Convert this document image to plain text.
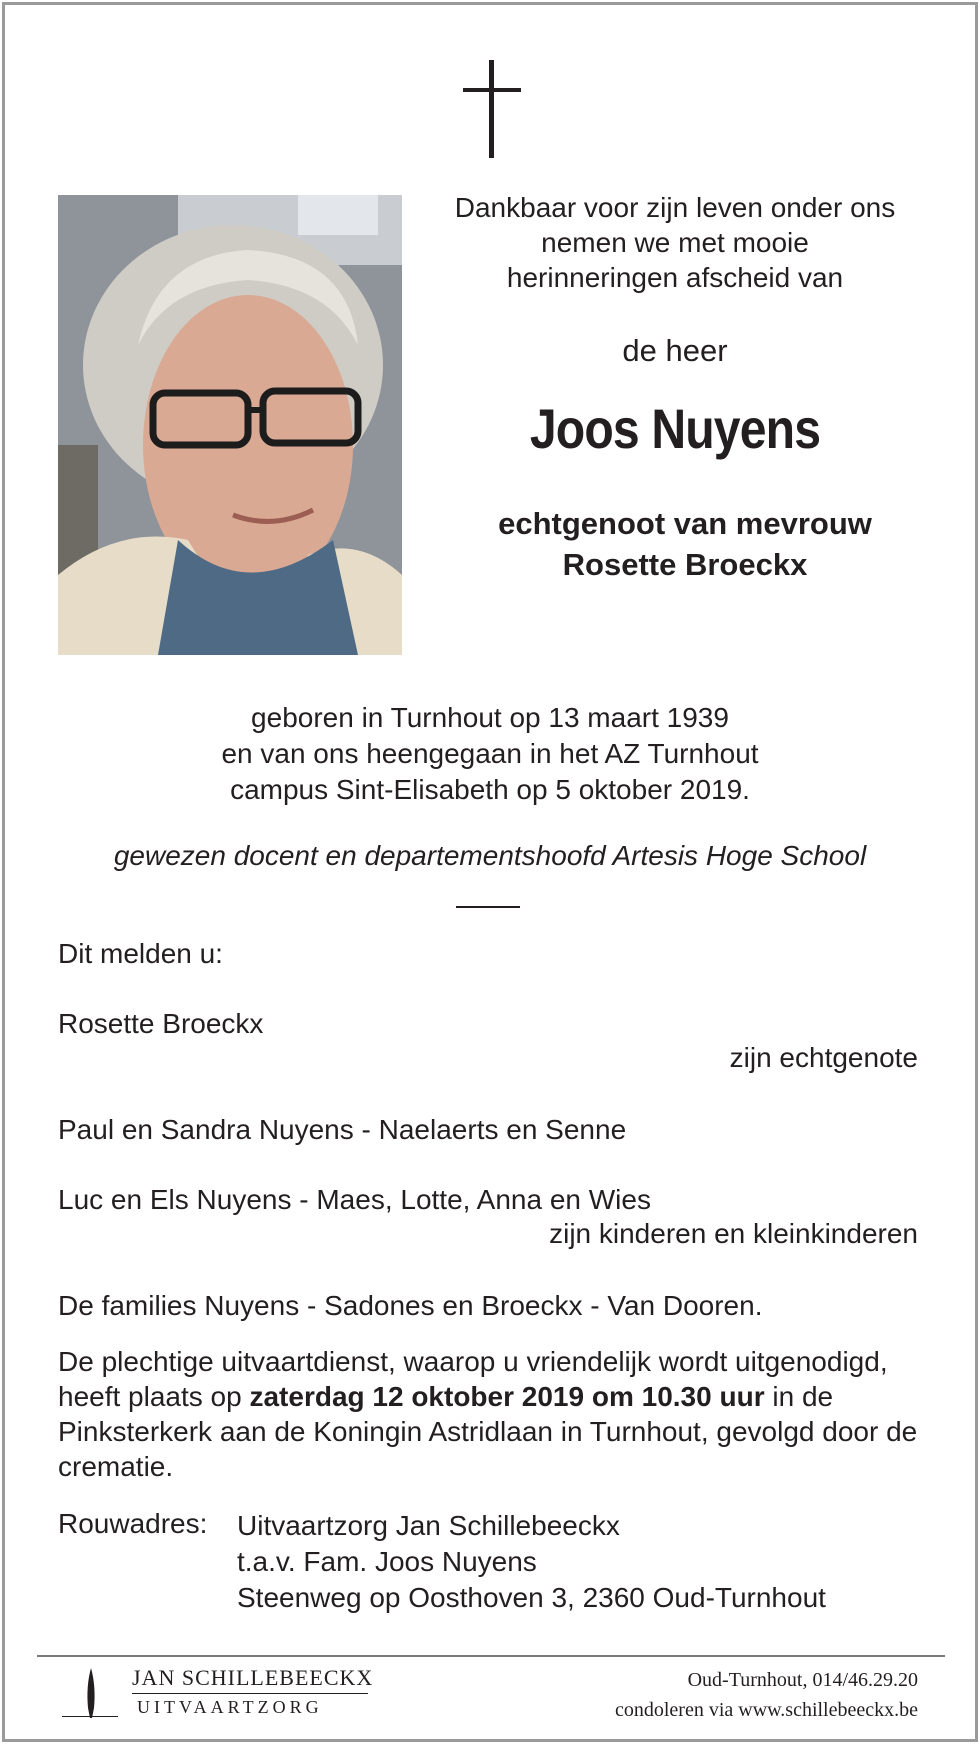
Dankbaar voor zijn leven onder ons
nemen we met mooie
herinneringen afscheid van
de heer
Joos Nuyens
echtgenoot van mevrouw
Rosette Broeckx
geboren in Turnhout op 13 maart 1939
en van ons heengegaan in het AZ Turnhout
campus Sint-Elisabeth op 5 oktober 2019.
gewezen docent en departementshoofd Artesis Hoge School
Dit melden u:
Rosette Broeckx
zijn echtgenote
Paul en Sandra Nuyens - Naelaerts en Senne
Luc en Els Nuyens - Maes, Lotte, Anna en Wies
zijn kinderen en kleinkinderen
De families Nuyens - Sadones en Broeckx - Van Dooren.
De plechtige uitvaartdienst, waarop u vriendelijk wordt uitgenodigd, heeft plaats op zaterdag 12 oktober 2019 om 10.30 uur in de Pinksterkerk aan de Koningin Astridlaan in Turnhout, gevolgd door de crematie.
Rouwadres: Uitvaartzorg Jan Schillebeeckx
t.a.v. Fam. Joos Nuyens
Steenweg op Oosthoven 3, 2360 Oud-Turnhout
JAN SCHILLEBEECKX
UITVAARTZORG
Oud-Turnhout, 014/46.29.20
condoleren via www.schillebeeckx.be
